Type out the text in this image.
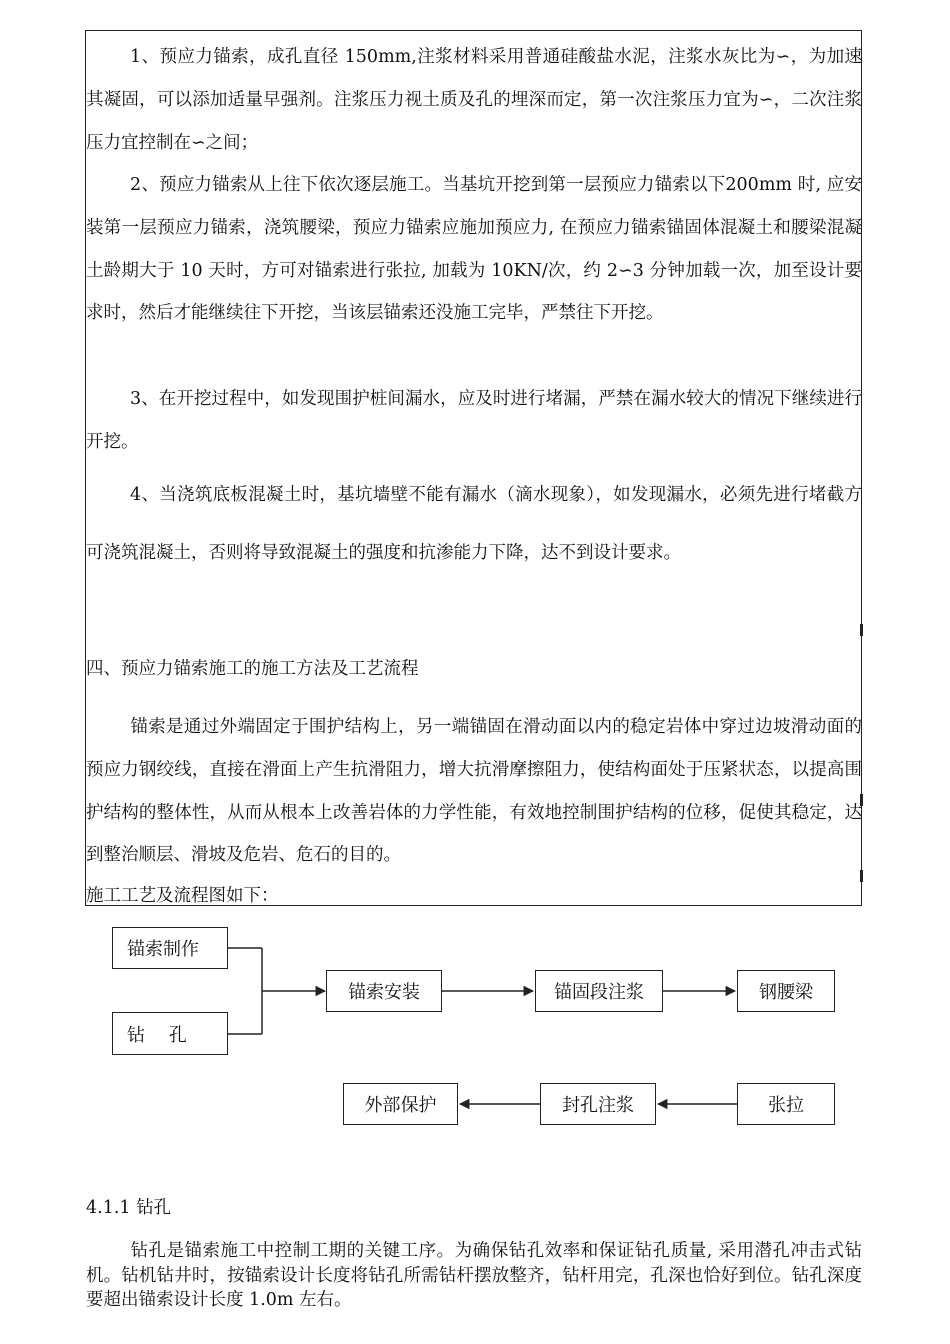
1、预应力锚索，成孔直径 150mm,注浆材料采用普通硅酸盐水泥，注浆水灰比为∽，为加速其凝固，可以添加适量早强剂。注浆压力视土质及孔的埋深而定，第一次注浆压力宜为∽，二次注浆压力宜控制在∽之间；

2、预应力锚索从上往下依次逐层施工。当基坑开挖到第一层预应力锚索以下200mm 时, 应安装第一层预应力锚索，浇筑腰梁，预应力锚索应施加预应力, 在预应力锚索锚固体混凝土和腰梁混凝土龄期大于 10 天时，方可对锚索进行张拉, 加载为 10KN/次，约 2∽3 分钟加载一次，加至设计要求时，然后才能继续往下开挖，当该层锚索还没施工完毕，严禁往下开挖。

3、在开挖过程中，如发现围护桩间漏水，应及时进行堵漏，严禁在漏水较大的情况下继续进行开挖。

4、当浇筑底板混凝土时，基坑墙壁不能有漏水（滴水现象），如发现漏水，必须先进行堵截方可浇筑混凝土，否则将导致混凝土的强度和抗渗能力下降，达不到设计要求。

四、预应力锚索施工的施工方法及工艺流程

锚索是通过外端固定于围护结构上，另一端锚固在滑动面以内的稳定岩体中穿过边坡滑动面的预应力钢绞线，直接在滑面上产生抗滑阻力，增大抗滑摩擦阻力，使结构面处于压紧状态，以提高围护结构的整体性，从而从根本上改善岩体的力学性能，有效地控制围护结构的位移，促使其稳定，达到整治顺层、滑坡及危岩、危石的目的。

施工工艺及流程图如下：

锚索制作
钻　 孔
锚索安装	锚固段注浆	钢腰梁
张拉
封孔注浆
外部保护
4.1.1 钻孔
钻孔是锚索施工中控制工期的关键工序。为确保钻孔效率和保证钻孔质量, 采用潜孔冲击式钻机。钻机钻井时，按锚索设计长度将钻孔所需钻杆摆放整齐，钻杆用完，孔深也恰好到位。钻孔深度要超出锚索设计长度 1.0m 左右。
